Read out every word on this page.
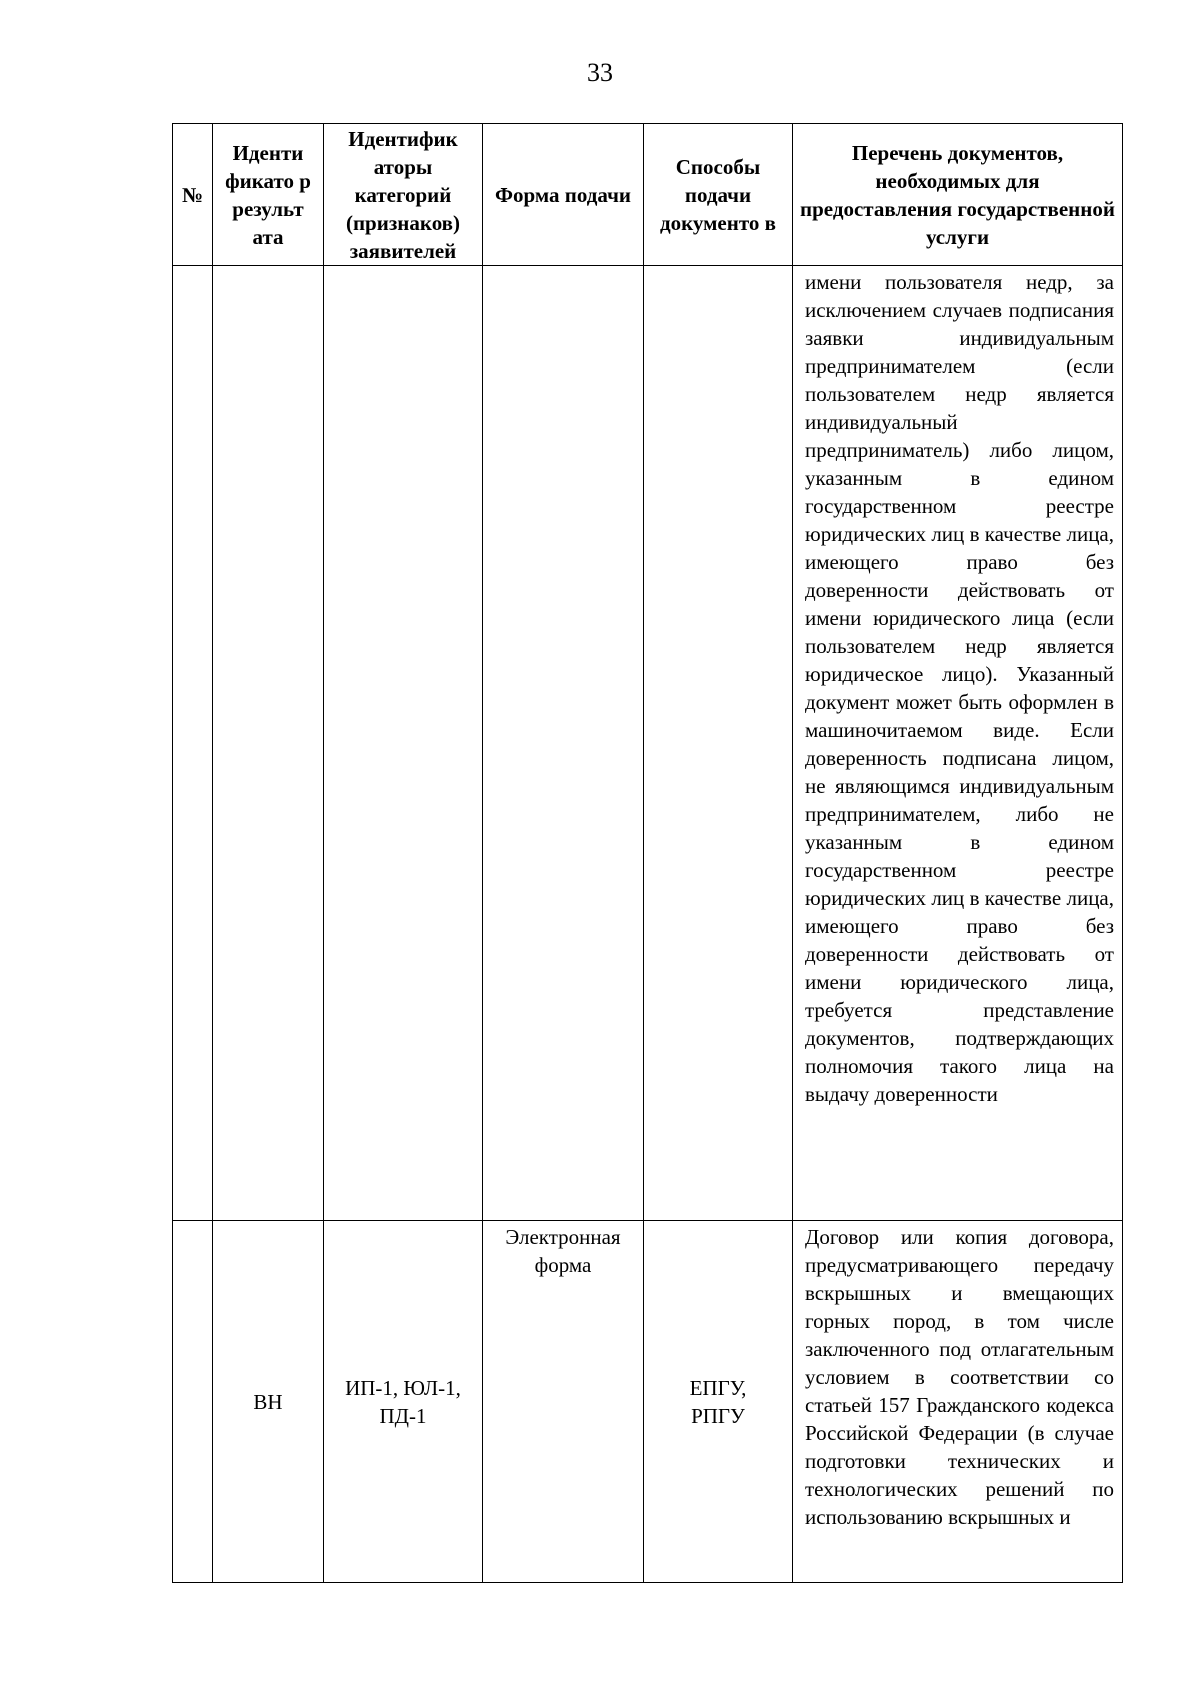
33
№	Иденти фикато р результ ата	Идентифик аторы категорий (признаков) заявителей	Форма подачи	Способы подачи документо в	Перечень документов, необходимых для предоставления государственной услуги

					имени пользователя недр, за исключением случаев подписания заявки индивидуальным предпринимателем (если пользователем недр является индивидуальный предприниматель) либо лицом, указанным в едином государственном реестре юридических лиц в качестве лица, имеющего право без доверенности действовать от имени юридического лица (если пользователем недр является юридическое лицо). Указанный документ может быть оформлен в машиночитаемом виде. Если доверенность подписана лицом, не являющимся индивидуальным предпринимателем, либо не указанным в едином государственном реестре юридических лиц в качестве лица, имеющего право без доверенности действовать от имени юридического лица, требуется представление документов, подтверждающих полномочия такого лица на выдачу доверенности

	ВН	ИП-1, ЮЛ-1, ПД-1	Электронная форма	ЕПГУ, РПГУ	Договор или копия договора, предусматривающего передачу вскрышных и вмещающих горных пород, в том числе заключенного под отлагательным условием в соответствии со статьей 157 Гражданского кодекса Российской Федерации (в случае подготовки технических и технологических решений по использованию вскрышных и
